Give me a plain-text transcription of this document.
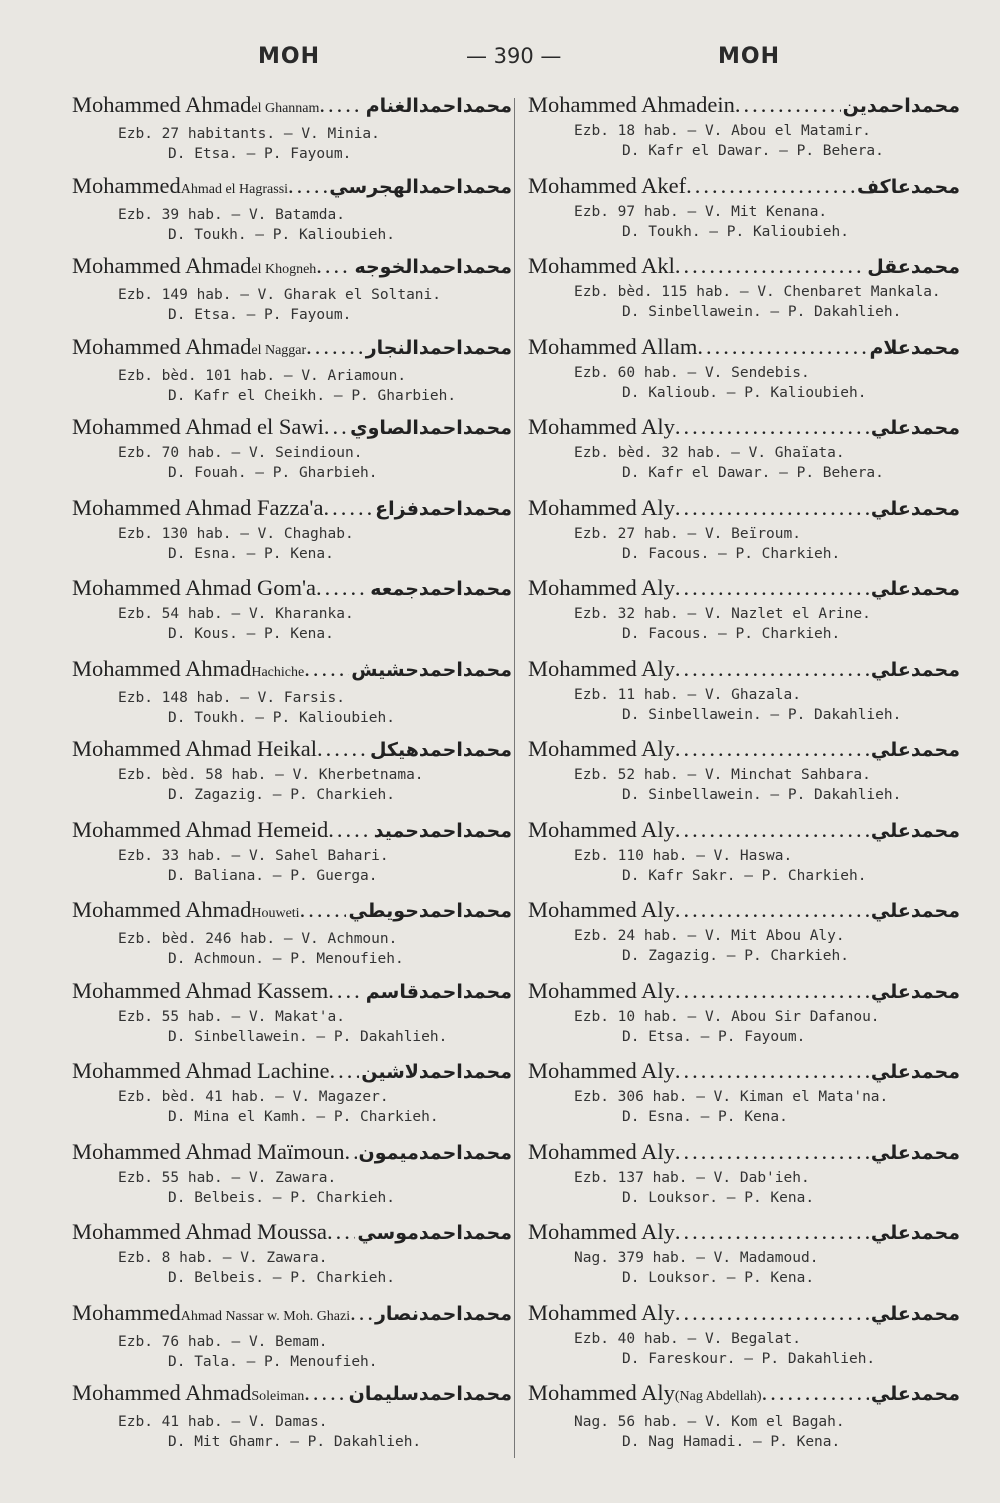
MOH	— 390 —	MOH
Mohammed Ahmad el Ghannam ..... محمداحمدالغنام
Ezb. 27 habitants. — V. Minia.
D. Etsa. — P. Fayoum.
Mohammed Ahmad el Hagrassi ..... محمداحمدالهجرسي
Ezb. 39 hab. — V. Batamda.
D. Toukh. — P. Kalioubieh.
Mohammed Ahmad el Khogneh ..... محمداحمدالخوجه
Ezb. 149 hab. — V. Gharak el Soltani.
D. Etsa. — P. Fayoum.
Mohammed Ahmad el Naggar .....	محمداحمدالنجار
Ezb. bèd. 101 hab. — V. Ariamoun.
D. Kafr el Cheikh. — P. Gharbieh.
Mohammed Ahmad el Sawi ..... محمداحمدالصاوي
Ezb. 70 hab. — V. Seindioun.
D. Fouah. — P. Gharbieh.
Mohammed Ahmad Fazza'a .....	محمداحمدفزاع
Ezb. 130 hab. — V. Chaghab.
D. Esna. — P. Kena.
Mohammed Ahmad Gom'a .....	محمداحمدجمعه
Ezb. 54 hab. — V. Kharanka.
D. Kous. — P. Kena.
Mohammed Ahmad Hachiche ..... محمداحمدحشيش
Ezb. 148 hab. — V. Farsis.
D. Toukh. — P. Kalioubieh.
Mohammed Ahmad Heikal .....	محمداحمدهيكل
Ezb. bèd. 58 hab. — V. Kherbetnama.
D. Zagazig. — P. Charkieh.
Mohammed Ahmad Hemeid ..... محمداحمدحميد
Ezb. 33 hab. — V. Sahel Bahari.
D. Baliana. — P. Guerga.
Mohammed Ahmad Houweti .....	محمداحمدحويطي
Ezb. bèd. 246 hab. — V. Achmoun.
D. Achmoun. — P. Menoufieh.
Mohammed Ahmad Kassem ..... محمداحمدقاسم
Ezb. 55 hab. — V. Makat'a.
D. Sinbellawein. — P. Dakahlieh.
Mohammed Ahmad Lachine ..... محمداحمدلاشين
Ezb. bèd. 41 hab. — V. Magazer.
D. Mina el Kamh. — P. Charkieh.
Mohammed Ahmad Maïmoun ..... محمداحمدميمون
Ezb. 55 hab. — V. Zawara.
D. Belbeis. — P. Charkieh.
Mohammed Ahmad Moussa ..... محمداحمدموسي
Ezb. 8 hab. — V. Zawara.
D. Belbeis. — P. Charkieh.
Mohammed Ahmad Nassar w. Moh. Ghazi ..... محمداحمدنصار
Ezb. 76 hab. — V. Bemam.
D. Tala. — P. Menoufieh.
Mohammed Ahmad Soleiman ..... محمداحمدسليمان
Ezb. 41 hab. — V. Damas.
D. Mit Ghamr. — P. Dakahlieh.
Mohammed Ahmadein .....	محمداحمدين
Ezb. 18 hab. — V. Abou el Matamir.
D. Kafr el Dawar. — P. Behera.
Mohammed Akef .....	محمدعاكف
Ezb. 97 hab. — V. Mit Kenana.
D. Toukh. — P. Kalioubieh.
Mohammed Akl .....	محمدعقل
Ezb. bèd. 115 hab. — V. Chenbaret Mankala.
D. Sinbellawein. — P. Dakahlieh.
Mohammed Allam .....	محمدعلام
Ezb. 60 hab. — V. Sendebis.
D. Kalioub. — P. Kalioubieh.
Mohammed Aly .....	محمدعلي
Ezb. bèd. 32 hab. — V. Ghaïata.
D. Kafr el Dawar. — P. Behera.
Mohammed Aly .....	محمدعلي
Ezb. 27 hab. — V. Beïroum.
D. Facous. — P. Charkieh.
Mohammed Aly .....	محمدعلي
Ezb. 32 hab. — V. Nazlet el Arine.
D. Facous. — P. Charkieh.
Mohammed Aly .....	محمدعلي
Ezb. 11 hab. — V. Ghazala.
D. Sinbellawein. — P. Dakahlieh.
Mohammed Aly .....	محمدعلي
Ezb. 52 hab. — V. Minchat Sahbara.
D. Sinbellawein. — P. Dakahlieh.
Mohammed Aly .....	محمدعلي
Ezb. 110 hab. — V. Haswa.
D. Kafr Sakr. — P. Charkieh.
Mohammed Aly .....	محمدعلي
Ezb. 24 hab. — V. Mit Abou Aly.
D. Zagazig. — P. Charkieh.
Mohammed Aly .....	محمدعلي
Ezb. 10 hab. — V. Abou Sir Dafanou.
D. Etsa. — P. Fayoum.
Mohammed Aly .....	محمدعلي
Ezb. 306 hab. — V. Kiman el Mata'na.
D. Esna. — P. Kena.
Mohammed Aly .....	محمدعلي
Ezb. 137 hab. — V. Dab'ieh.
D. Louksor. — P. Kena.
Mohammed Aly .....	محمدعلي
Nag. 379 hab. — V. Madamoud.
D. Louksor. — P. Kena.
Mohammed Aly .....	محمدعلي
Ezb. 40 hab. — V. Begalat.
D. Fareskour. — P. Dakahlieh.
Mohammed Aly (Nag Abdellah) .....	محمدعلي
Nag. 56 hab. — V. Kom el Bagah.
D. Nag Hamadi. — P. Kena.
